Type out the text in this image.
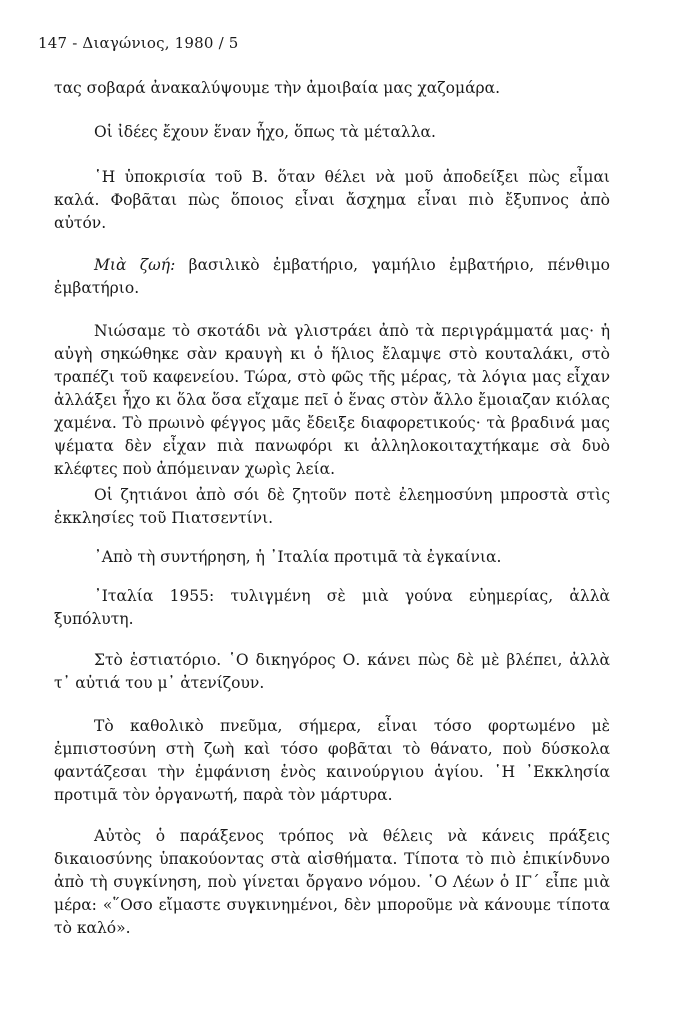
147 - Διαγώνιος, 1980 / 5

τας σοβαρά ἀνακαλύψουμε τὴν ἀμοιβαία μας χαζομάρα.

Οἱ ἰδέες ἔχουν ἕναν ἦχο, ὅπως τὰ μέταλλα.

῾Η ὑποκρισία τοῦ Β. ὅταν θέλει νὰ μοῦ ἀποδείξει πὼς εἶμαι καλά. Φοβᾶται πὼς ὅποιος εἶναι ἄσχημα εἶναι πιὸ ἔξυπνος ἀπὸ αὐτόν.

Μιὰ ζωή: βασιλικὸ ἐμβατήριο, γαμήλιο ἐμβατήριο, πένθιμο ἐμβατήριο.

Νιώσαμε τὸ σκοτάδι νὰ γλιστράει ἀπὸ τὰ περιγράμματά μας· ἡ αὐγὴ σηκώθηκε σὰν κραυγὴ κι ὁ ἥλιος ἔλαμψε στὸ κουταλάκι, στὸ τραπέζι τοῦ καφενείου. Τώρα, στὸ φῶς τῆς μέρας, τὰ λόγια μας εἶχαν ἀλλάξει ἦχο κι ὅλα ὅσα εἴχαμε πεῖ ὁ ἕνας στὸν ἄλλο ἔμοιαζαν κιόλας χαμένα. Τὸ πρωινὸ φέγγος μᾶς ἔδειξε διαφορετικούς· τὰ βραδινά μας ψέματα δὲν εἶχαν πιὰ πανωφόρι κι ἀλληλοκοιταχτήκαμε σὰ δυὸ κλέφτες ποὺ ἀπόμειναν χωρὶς λεία.

Οἱ ζητιάνοι ἀπὸ σόι δὲ ζητοῦν ποτὲ ἐλεημοσύνη μπροστὰ στὶς ἐκκλησίες τοῦ Πιατσεντίνι.

᾿Απὸ τὴ συντήρηση, ἡ ᾿Ιταλία προτιμᾶ τὰ ἐγκαίνια.

᾿Ιταλία 1955: τυλιγμένη σὲ μιὰ γούνα εὐημερίας, ἀλλὰ ξυπόλυτη.

Στὸ ἑστιατόριο. ῾Ο δικηγόρος Ο. κάνει πὼς δὲ μὲ βλέπει, ἀλλὰ τ᾿ αὐτιά του μ᾿ ἀτενίζουν.

Τὸ καθολικὸ πνεῦμα, σήμερα, εἶναι τόσο φορτωμένο μὲ ἐμπιστοσύνη στὴ ζωὴ καὶ τόσο φοβᾶται τὸ θάνατο, ποὺ δύσκολα φαντάζεσαι τὴν ἐμφάνιση ἑνὸς καινούργιου ἁγίου. ῾Η ᾿Εκκλησία προτιμᾶ τὸν ὀργανωτή, παρὰ τὸν μάρτυρα.

Αὐτὸς ὁ παράξενος τρόπος νὰ θέλεις νὰ κάνεις πράξεις δικαιοσύνης ὑπακούοντας στὰ αἰσθήματα. Τίποτα τὸ πιὸ ἐπικίνδυνο ἀπὸ τὴ συγκίνηση, ποὺ γίνεται ὄργανο νόμου. ῾Ο Λέων ὁ ΙΓ´ εἶπε μιὰ μέρα: «῞Οσο εἴμαστε συγκινημένοι, δὲν μποροῦμε νὰ κάνουμε τίποτα τὸ καλό».
